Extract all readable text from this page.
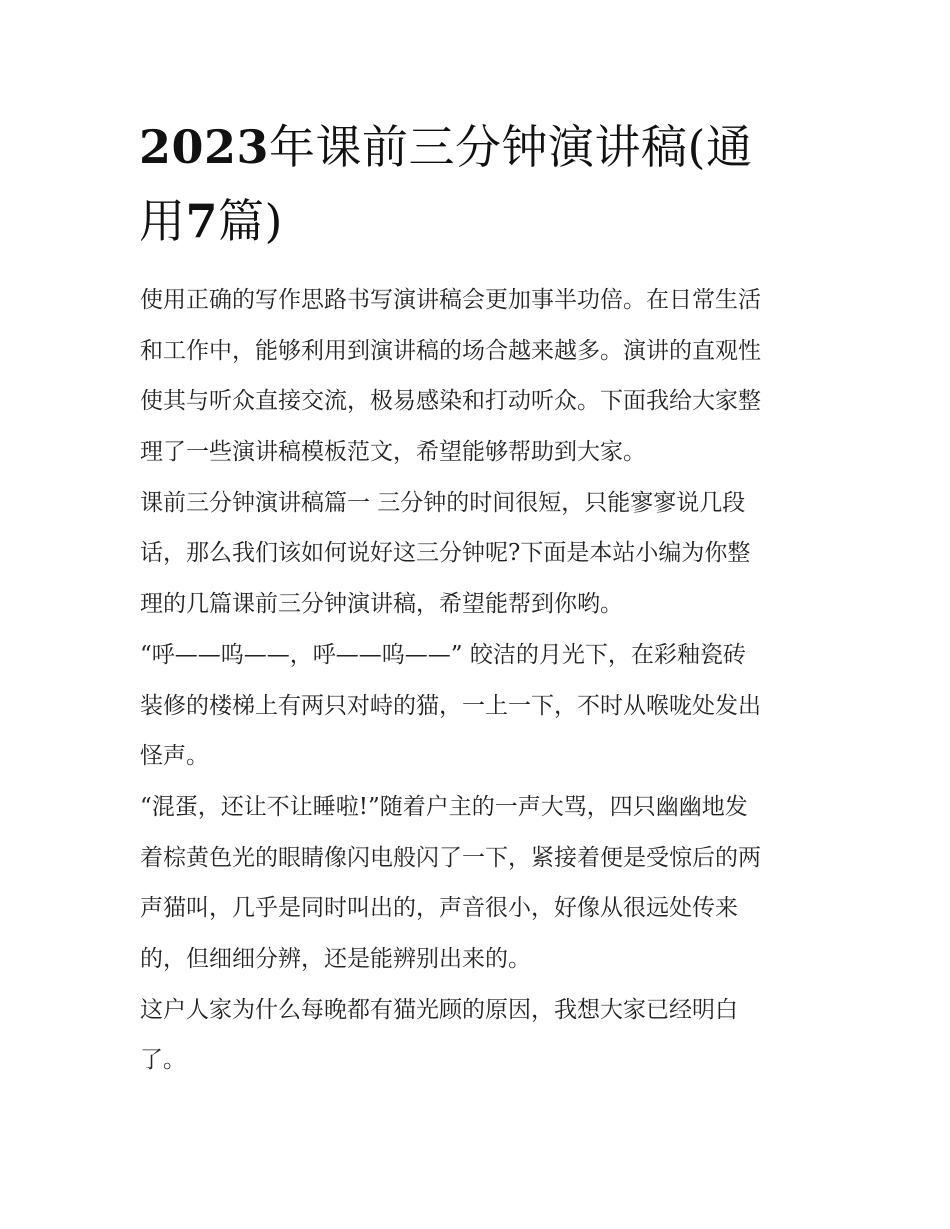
2023年课前三分钟演讲稿(通
用7篇)
使用正确的写作思路书写演讲稿会更加事半功倍。在日常生活
和工作中，能够利用到演讲稿的场合越来越多。演讲的直观性
使其与听众直接交流，极易感染和打动听众。下面我给大家整
理了一些演讲稿模板范文，希望能够帮助到大家。
课前三分钟演讲稿篇一 三分钟的时间很短，只能寥寥说几段
话，那么我们该如何说好这三分钟呢?下面是本站小编为你整
理的几篇课前三分钟演讲稿，希望能帮到你哟。
“呼——呜——，呼——呜——” 皎洁的月光下，在彩釉瓷砖
装修的楼梯上有两只对峙的猫，一上一下，不时从喉咙处发出
怪声。
“混蛋，还让不让睡啦!”随着户主的一声大骂，四只幽幽地发
着棕黄色光的眼睛像闪电般闪了一下，紧接着便是受惊后的两
声猫叫，几乎是同时叫出的，声音很小，好像从很远处传来
的，但细细分辨，还是能辨别出来的。
这户人家为什么每晚都有猫光顾的原因，我想大家已经明白
了。
